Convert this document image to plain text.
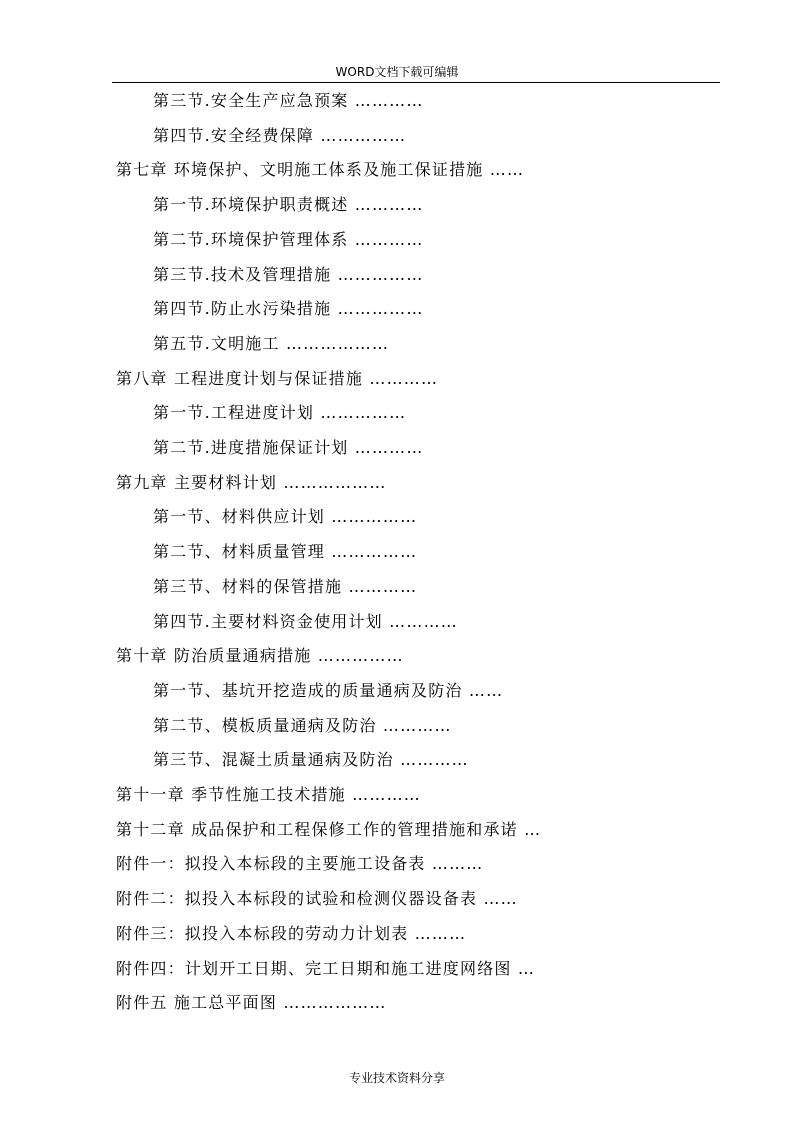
WORD文档下载可编辑
第三节.安全生产应急预案 …………
第四节.安全经费保障 ……………
第七章 环境保护、文明施工体系及施工保证措施 ……
第一节.环境保护职责概述 …………
第二节.环境保护管理体系 …………
第三节.技术及管理措施 ……………
第四节.防止水污染措施 ……………
第五节.文明施工 ………………
第八章 工程进度计划与保证措施 …………
第一节.工程进度计划 ……………
第二节.进度措施保证计划 …………
第九章 主要材料计划 ………………
第一节、材料供应计划 ……………
第二节、材料质量管理 ……………
第三节、材料的保管措施 …………
第四节.主要材料资金使用计划 …………
第十章 防治质量通病措施 ……………
第一节、基坑开挖造成的质量通病及防治 ……
第二节、模板质量通病及防治 …………
第三节、混凝土质量通病及防治 …………
第十一章 季节性施工技术措施 …………
第十二章 成品保护和工程保修工作的管理措施和承诺 …
附件一：拟投入本标段的主要施工设备表 ………
附件二：拟投入本标段的试验和检测仪器设备表 ……
附件三：拟投入本标段的劳动力计划表 ………
附件四：计划开工日期、完工日期和施工进度网络图 …
附件五 施工总平面图 ………………
专业技术资料分享
